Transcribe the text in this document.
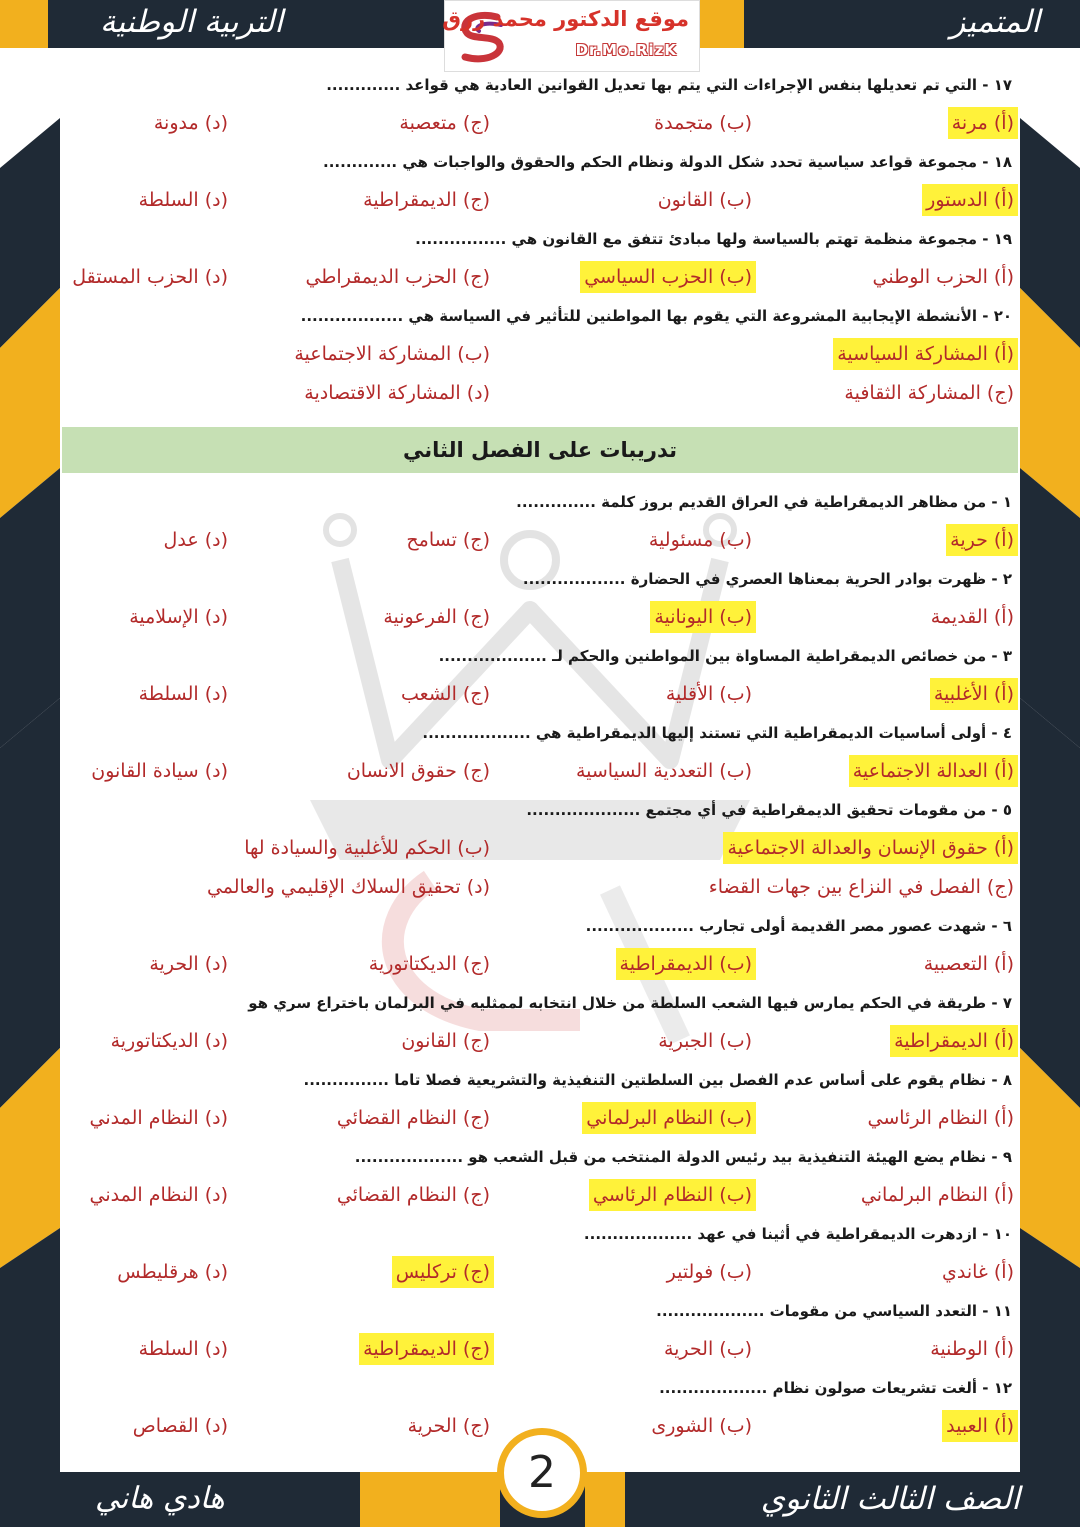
المتميز
التربية الوطنية	موقع الدكتور محمد رزق
Dr.Mo.RizK
١٧ - التي تم تعديلها بنفس الإجراءات التي يتم بها تعديل القوانين العادية هي قواعد .............
(أ) مرنة
(ب) متجمدة
(ج) متعصبة
(د) مدونة
١٨ - مجموعة قواعد سياسية تحدد شكل الدولة ونظام الحكم والحقوق والواجبات هي .............
(أ) الدستور
(ب) القانون
(ج) الديمقراطية
(د) السلطة
١٩ - مجموعة منظمة تهتم بالسياسة ولها مبادئ تتفق مع القانون هي ................
(أ) الحزب الوطني
(ب) الحزب السياسي
(ج) الحزب الديمقراطي
(د) الحزب المستقل
٢٠ - الأنشطة الإيجابية المشروعة التي يقوم بها المواطنين للتأثير في السياسة هي ..................
(أ) المشاركة السياسية
(ب) المشاركة الاجتماعية
(ج) المشاركة الثقافية
(د) المشاركة الاقتصادية
تدريبات على الفصل الثاني
١ - من مظاهر الديمقراطية في العراق القديم بروز كلمة ..............
(أ) حرية
(ب) مسئولية
(ج) تسامح
(د) عدل
٢ - ظهرت بوادر الحرية بمعناها العصري في الحضارة ..................
(أ) القديمة
(ب) اليونانية
(ج) الفرعونية
(د) الإسلامية
٣ - من خصائص الديمقراطية المساواة بين المواطنين والحكم لـ ...................
(أ) الأغلبية
(ب) الأقلية
(ج) الشعب
(د) السلطة
٤ - أولى أساسيات الديمقراطية التي تستند إليها الديمقراطية هي ...................
(أ) العدالة الاجتماعية
(ب) التعددية السياسية
(ج) حقوق الانسان
(د) سيادة القانون
٥ - من مقومات تحقيق الديمقراطية في أي مجتمع ....................
(أ) حقوق الإنسان والعدالة الاجتماعية
(ب) الحكم للأغلبية والسيادة لها
(ج) الفصل في النزاع بين جهات القضاء
(د) تحقيق السلاك الإقليمي والعالمي
٦ - شهدت عصور مصر القديمة أولى تجارب ...................
(أ) التعصبية
(ب) الديمقراطية
(ج) الديكتاتورية
(د) الحرية
٧ - طريقة في الحكم يمارس فيها الشعب السلطة من خلال انتخابه لممثليه في البرلمان باختراع سري هو
(أ) الديمقراطية
(ب) الجبرية
(ج) القانون
(د) الديكتاتورية
٨ - نظام يقوم على أساس عدم الفصل بين السلطتين التنفيذية والتشريعية فصلا تاما ...............
(أ) النظام الرئاسي
(ب) النظام البرلماني
(ج) النظام القضائي
(د) النظام المدني
٩ - نظام يضع الهيئة التنفيذية بيد رئيس الدولة المنتخب من قبل الشعب هو ...................
(أ) النظام البرلماني
(ب) النظام الرئاسي
(ج) النظام القضائي
(د) النظام المدني
١٠ - ازدهرت الديمقراطية في أثينا في عهد ...................
(أ) غاندي
(ب) فولتير
(ج) تركليس
(د) هرقليطس
١١ - التعدد السياسي من مقومات ...................
(أ) الوطنية
(ب) الحرية
(ج) الديمقراطية
(د) السلطة
١٢ - ألغت تشريعات صولون نظام ...................
(أ) العبيد
(ب) الشورى
(ج) الحرية
(د) القصاص
الصف الثالث الثانوي
هادي هاني
2
